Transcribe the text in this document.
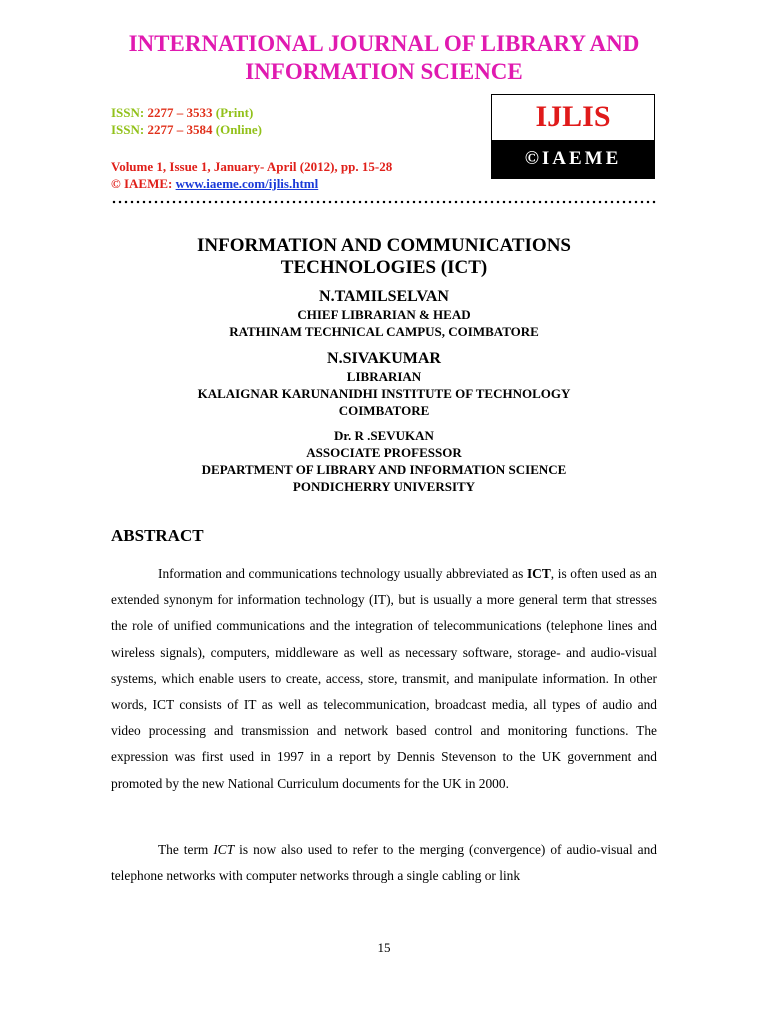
INTERNATIONAL JOURNAL OF LIBRARY AND
INFORMATION SCIENCE
ISSN: 2277 – 3533 (Print)
ISSN: 2277 – 3584 (Online)
Volume 1, Issue 1, January- April (2012), pp. 15-28
© IAEME: www.iaeme.com/ijlis.html
IJLIS
©IAEME
INFORMATION AND COMMUNICATIONS
TECHNOLOGIES (ICT)
N.TAMILSELVAN
CHIEF LIBRARIAN & HEAD
RATHINAM TECHNICAL CAMPUS, COIMBATORE
N.SIVAKUMAR
LIBRARIAN
KALAIGNAR KARUNANIDHI INSTITUTE OF TECHNOLOGY
COIMBATORE
Dr. R .SEVUKAN
ASSOCIATE PROFESSOR
DEPARTMENT OF LIBRARY AND INFORMATION SCIENCE
PONDICHERRY UNIVERSITY
ABSTRACT

Information and communications technology usually abbreviated as ICT, is often used as an extended synonym for information technology (IT), but is usually a more general term that stresses the role of unified communications and the integration of telecommunications (telephone lines and wireless signals), computers, middleware as well as necessary software, storage- and audio-visual systems, which enable users to create, access, store, transmit, and manipulate information. In other words, ICT consists of IT as well as telecommunication, broadcast media, all types of audio and video processing and transmission and network based control and monitoring functions. The expression was first used in 1997 in a report by Dennis Stevenson to the UK government and promoted by the new National Curriculum documents for the UK in 2000.

The term ICT is now also used to refer to the merging (convergence) of audio-visual and telephone networks with computer networks through a single cabling or link

15
